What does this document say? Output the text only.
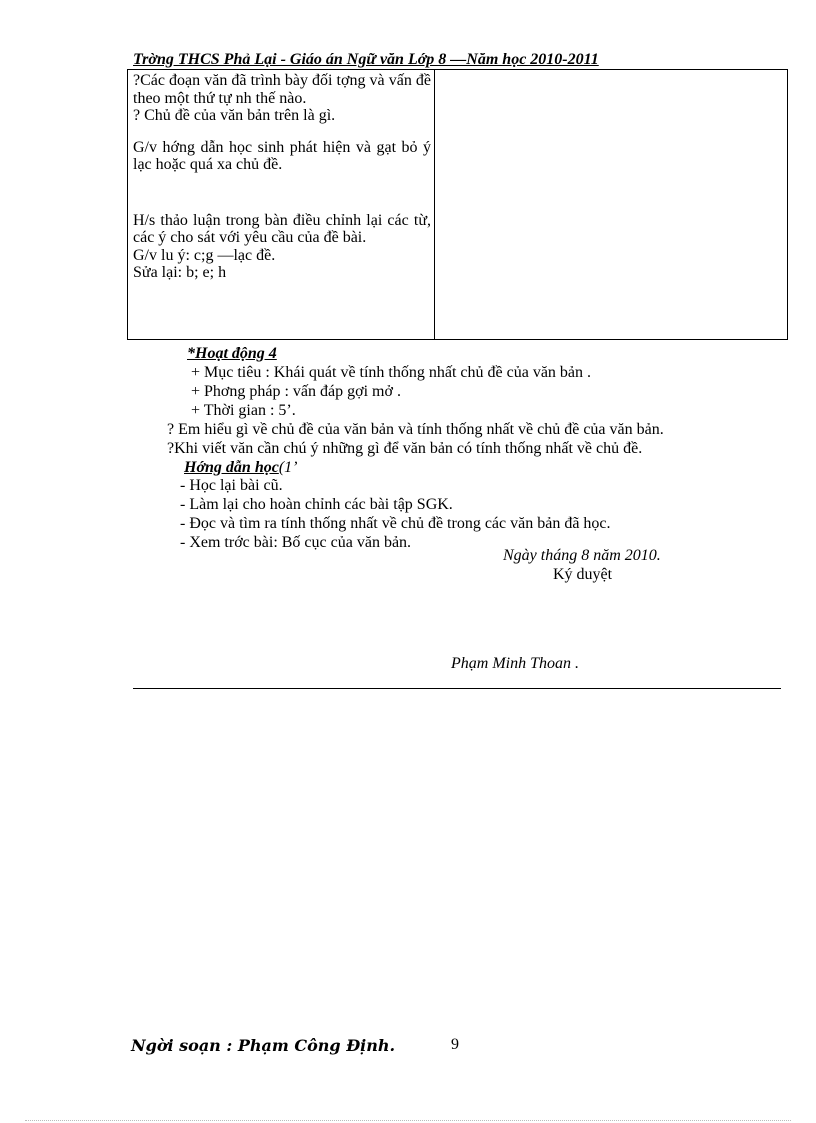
Trờng THCS Phả Lại - Giáo án Ngữ văn Lớp 8 —Năm học 2010-2011

?Các đoạn văn đã trình bày đối tợng và vấn đề theo một thứ tự nh thế nào.

? Chủ đề của văn bản trên là gì.

G/v hớng dẫn học sinh phát hiện và gạt bỏ ý lạc hoặc quá xa chủ đề.

H/s thảo luận trong bàn điều chỉnh lại các từ, các ý cho sát với yêu cầu của đề bài.

G/v lu ý: c;g —lạc đề.

Sửa lại: b; e; h

*Hoạt động 4
+ Mục tiêu : Khái quát về tính thống nhất chủ đề của văn bản .
+ Phơng pháp : vấn đáp gợi mở .
+ Thời gian : 5’.
? Em hiểu gì về chủ đề của văn bản và tính thống nhất về chủ đề của văn bản.
?Khi viết văn cần chú ý những gì để văn bản có tính thống nhất về chủ đề.
Hớng dẫn học(1’
- Học lại bài cũ.
- Làm lại cho hoàn chỉnh các bài tập SGK.
- Đọc và tìm ra tính thống nhất về chủ đề trong các văn bản đã học.
- Xem trớc bài: Bố cục của văn bản.
Ngày tháng 8 năm 2010.
Ký duyệt
Phạm Minh Thoan .
Ngời soạn : Phạm Công Định.	9
